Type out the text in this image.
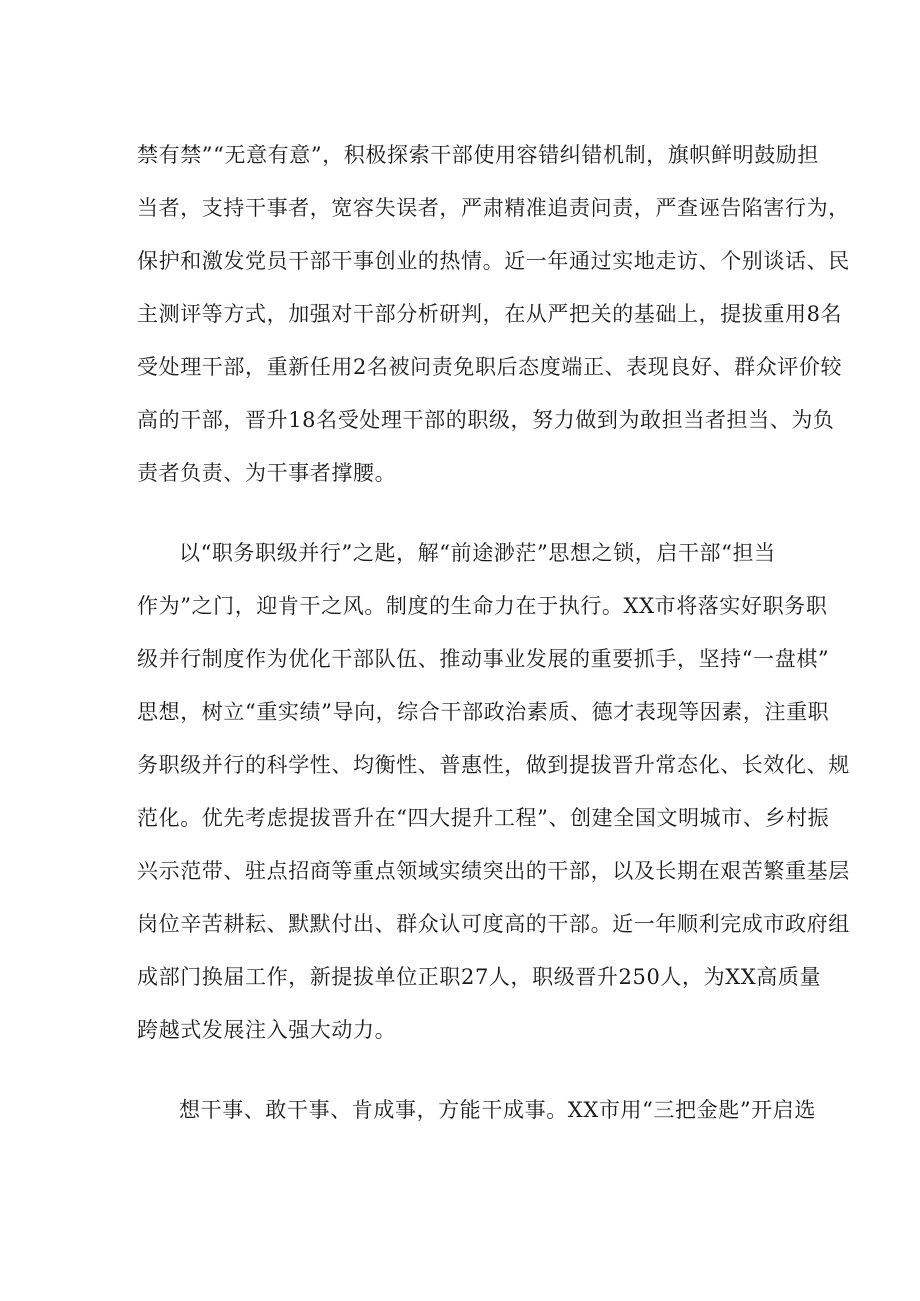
禁有禁”“无意有意”，积极探索干部使用容错纠错机制，旗帜鲜明鼓励担
当者，支持干事者，宽容失误者，严肃精准追责问责，严查诬告陷害行为，
保护和激发党员干部干事创业的热情。近一年通过实地走访、个别谈话、民
主测评等方式，加强对干部分析研判，在从严把关的基础上，提拔重用8名
受处理干部，重新任用2名被问责免职后态度端正、表现良好、群众评价较
高的干部，晋升18名受处理干部的职级，努力做到为敢担当者担当、为负
责者负责、为干事者撑腰。
以“职务职级并行”之匙，解“前途渺茫”思想之锁，启干部“担当
作为”之门，迎肯干之风。制度的生命力在于执行。XX市将落实好职务职
级并行制度作为优化干部队伍、推动事业发展的重要抓手，坚持“一盘棋”
思想，树立“重实绩”导向，综合干部政治素质、德才表现等因素，注重职
务职级并行的科学性、均衡性、普惠性，做到提拔晋升常态化、长效化、规
范化。优先考虑提拔晋升在“四大提升工程”、创建全国文明城市、乡村振
兴示范带、驻点招商等重点领域实绩突出的干部，以及长期在艰苦繁重基层
岗位辛苦耕耘、默默付出、群众认可度高的干部。近一年顺利完成市政府组
成部门换届工作，新提拔单位正职27人，职级晋升250人，为XX高质量
跨越式发展注入强大动力。
想干事、敢干事、肯成事，方能干成事。XX市用“三把金匙”开启选
